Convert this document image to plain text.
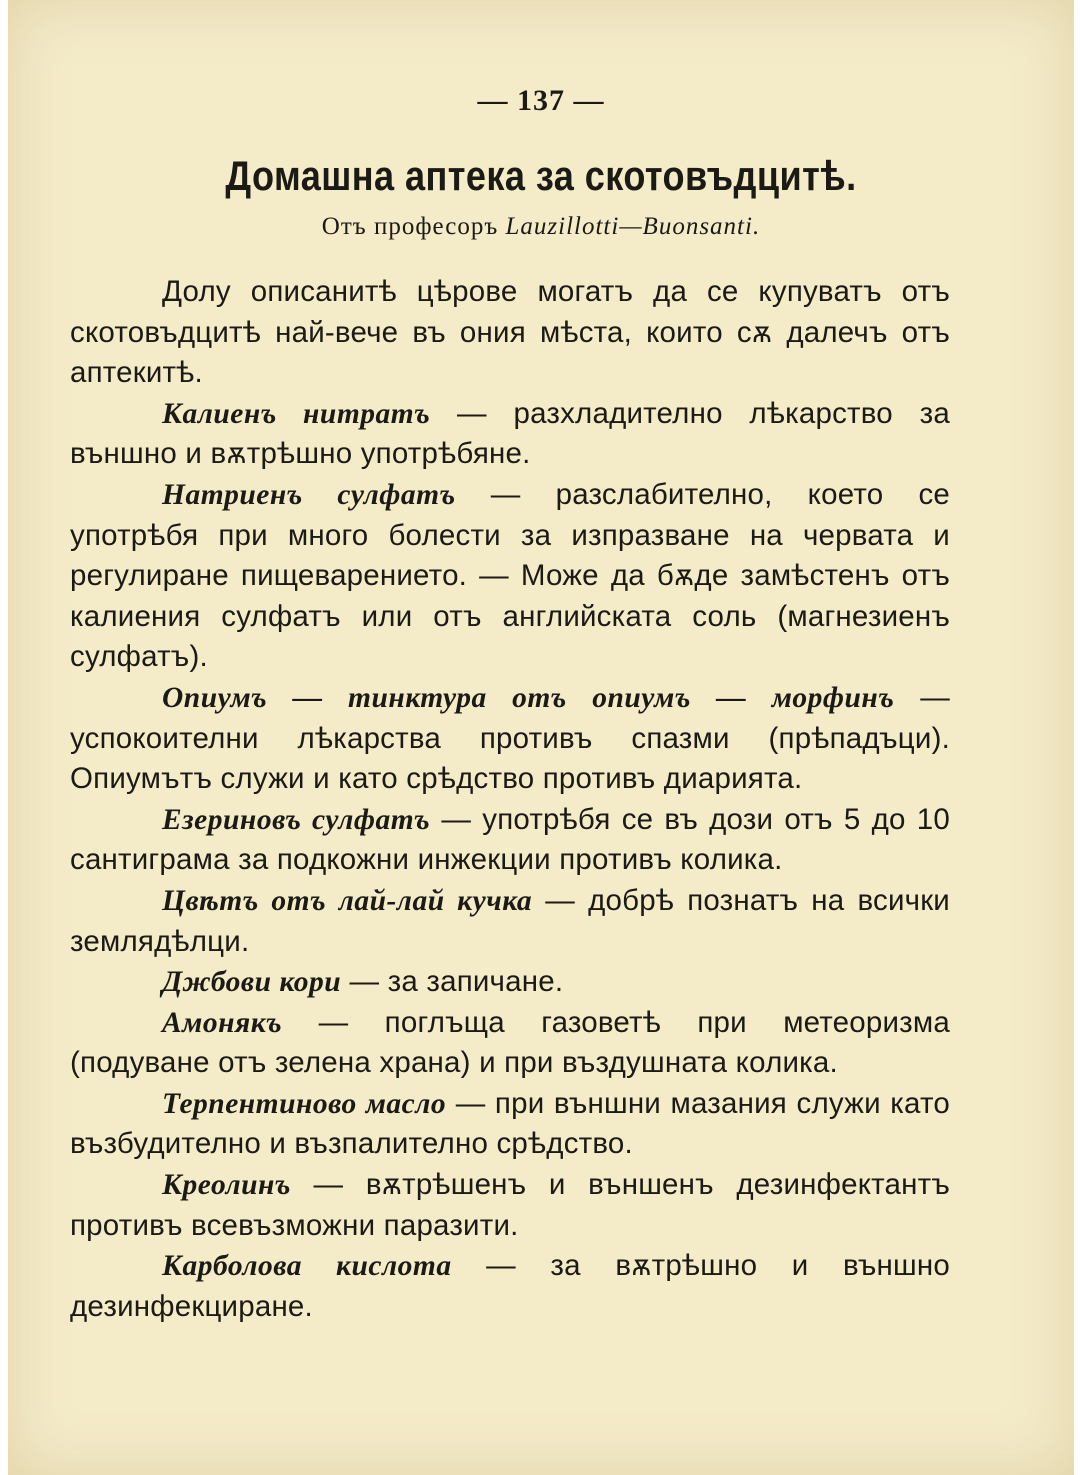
— 137 —
Домашна аптека за скотовъдцитѣ.
Отъ професоръ Lauzillotti—Buonsanti.

Долу описанитѣ цѣрове могатъ да се купуватъ отъ скотовъдцитѣ най-вече въ ония мѣста, които сѫ далечъ отъ аптекитѣ.

Калиенъ нитратъ — разхладително лѣкарство за външно и вѫтрѣшно употрѣбяне.

Натриенъ сулфатъ — разслабително, което се употрѣбя при много болести за изпразване на червата и регулиране пищеварението. — Може да бѫде замѣстенъ отъ калиения сулфатъ или отъ английската соль (магнезиенъ сулфатъ).

Опиумъ — тинктура отъ опиумъ — морфинъ — успокоителни лѣкарства противъ спазми (прѣпадъци). Опиумътъ служи и като срѣдство противъ диарията.

Езериновъ сулфатъ — употрѣбя се въ дози отъ 5 до 10 сантиграма за подкожни инжекции противъ колика.

Цвѣтъ отъ лай-лай кучка — добрѣ познатъ на всички землядѣлци.

Джбови кори — за запичане.

Амонякъ — поглъща газоветѣ при метеоризма (подуване отъ зелена храна) и при въздушната колика.

Терпентиново масло — при външни мазания служи като възбудително и възпалително срѣдство.

Креолинъ — вѫтрѣшенъ и външенъ дезинфектантъ противъ всевъзможни паразити.

Карболова кислота — за вѫтрѣшно и външно дезинфекциране.
